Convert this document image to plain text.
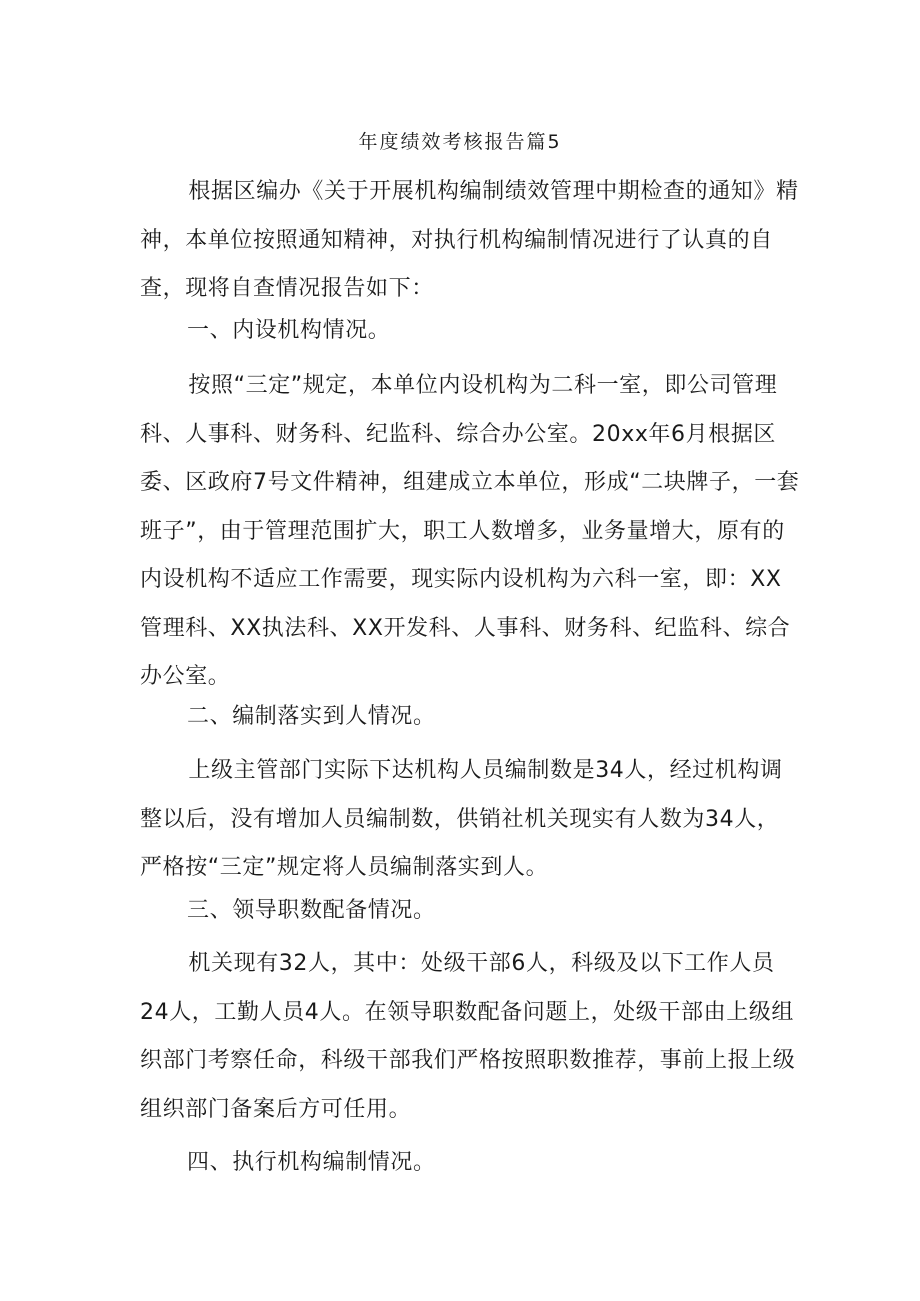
年度绩效考核报告篇5

根据区编办《关于开展机构编制绩效管理中期检查的通知》精神，本单位按照通知精神，对执行机构编制情况进行了认真的自查，现将自查情况报告如下：

一、内设机构情况。

按照“三定”规定，本单位内设机构为二科一室，即公司管理科、人事科、财务科、纪监科、综合办公室。20xx年6月根据区委、区政府7号文件精神，组建成立本单位，形成“二块牌子，一套班子”，由于管理范围扩大，职工人数增多，业务量增大，原有的内设机构不适应工作需要，现实际内设机构为六科一室，即：XX管理科、XX执法科、XX开发科、人事科、财务科、纪监科、综合办公室。

二、编制落实到人情况。

上级主管部门实际下达机构人员编制数是34人，经过机构调整以后，没有增加人员编制数，供销社机关现实有人数为34人，严格按“三定”规定将人员编制落实到人。

三、领导职数配备情况。

机关现有32人，其中：处级干部6人，科级及以下工作人员24人，工勤人员4人。在领导职数配备问题上，处级干部由上级组织部门考察任命，科级干部我们严格按照职数推荐，事前上报上级组织部门备案后方可任用。

四、执行机构编制情况。
